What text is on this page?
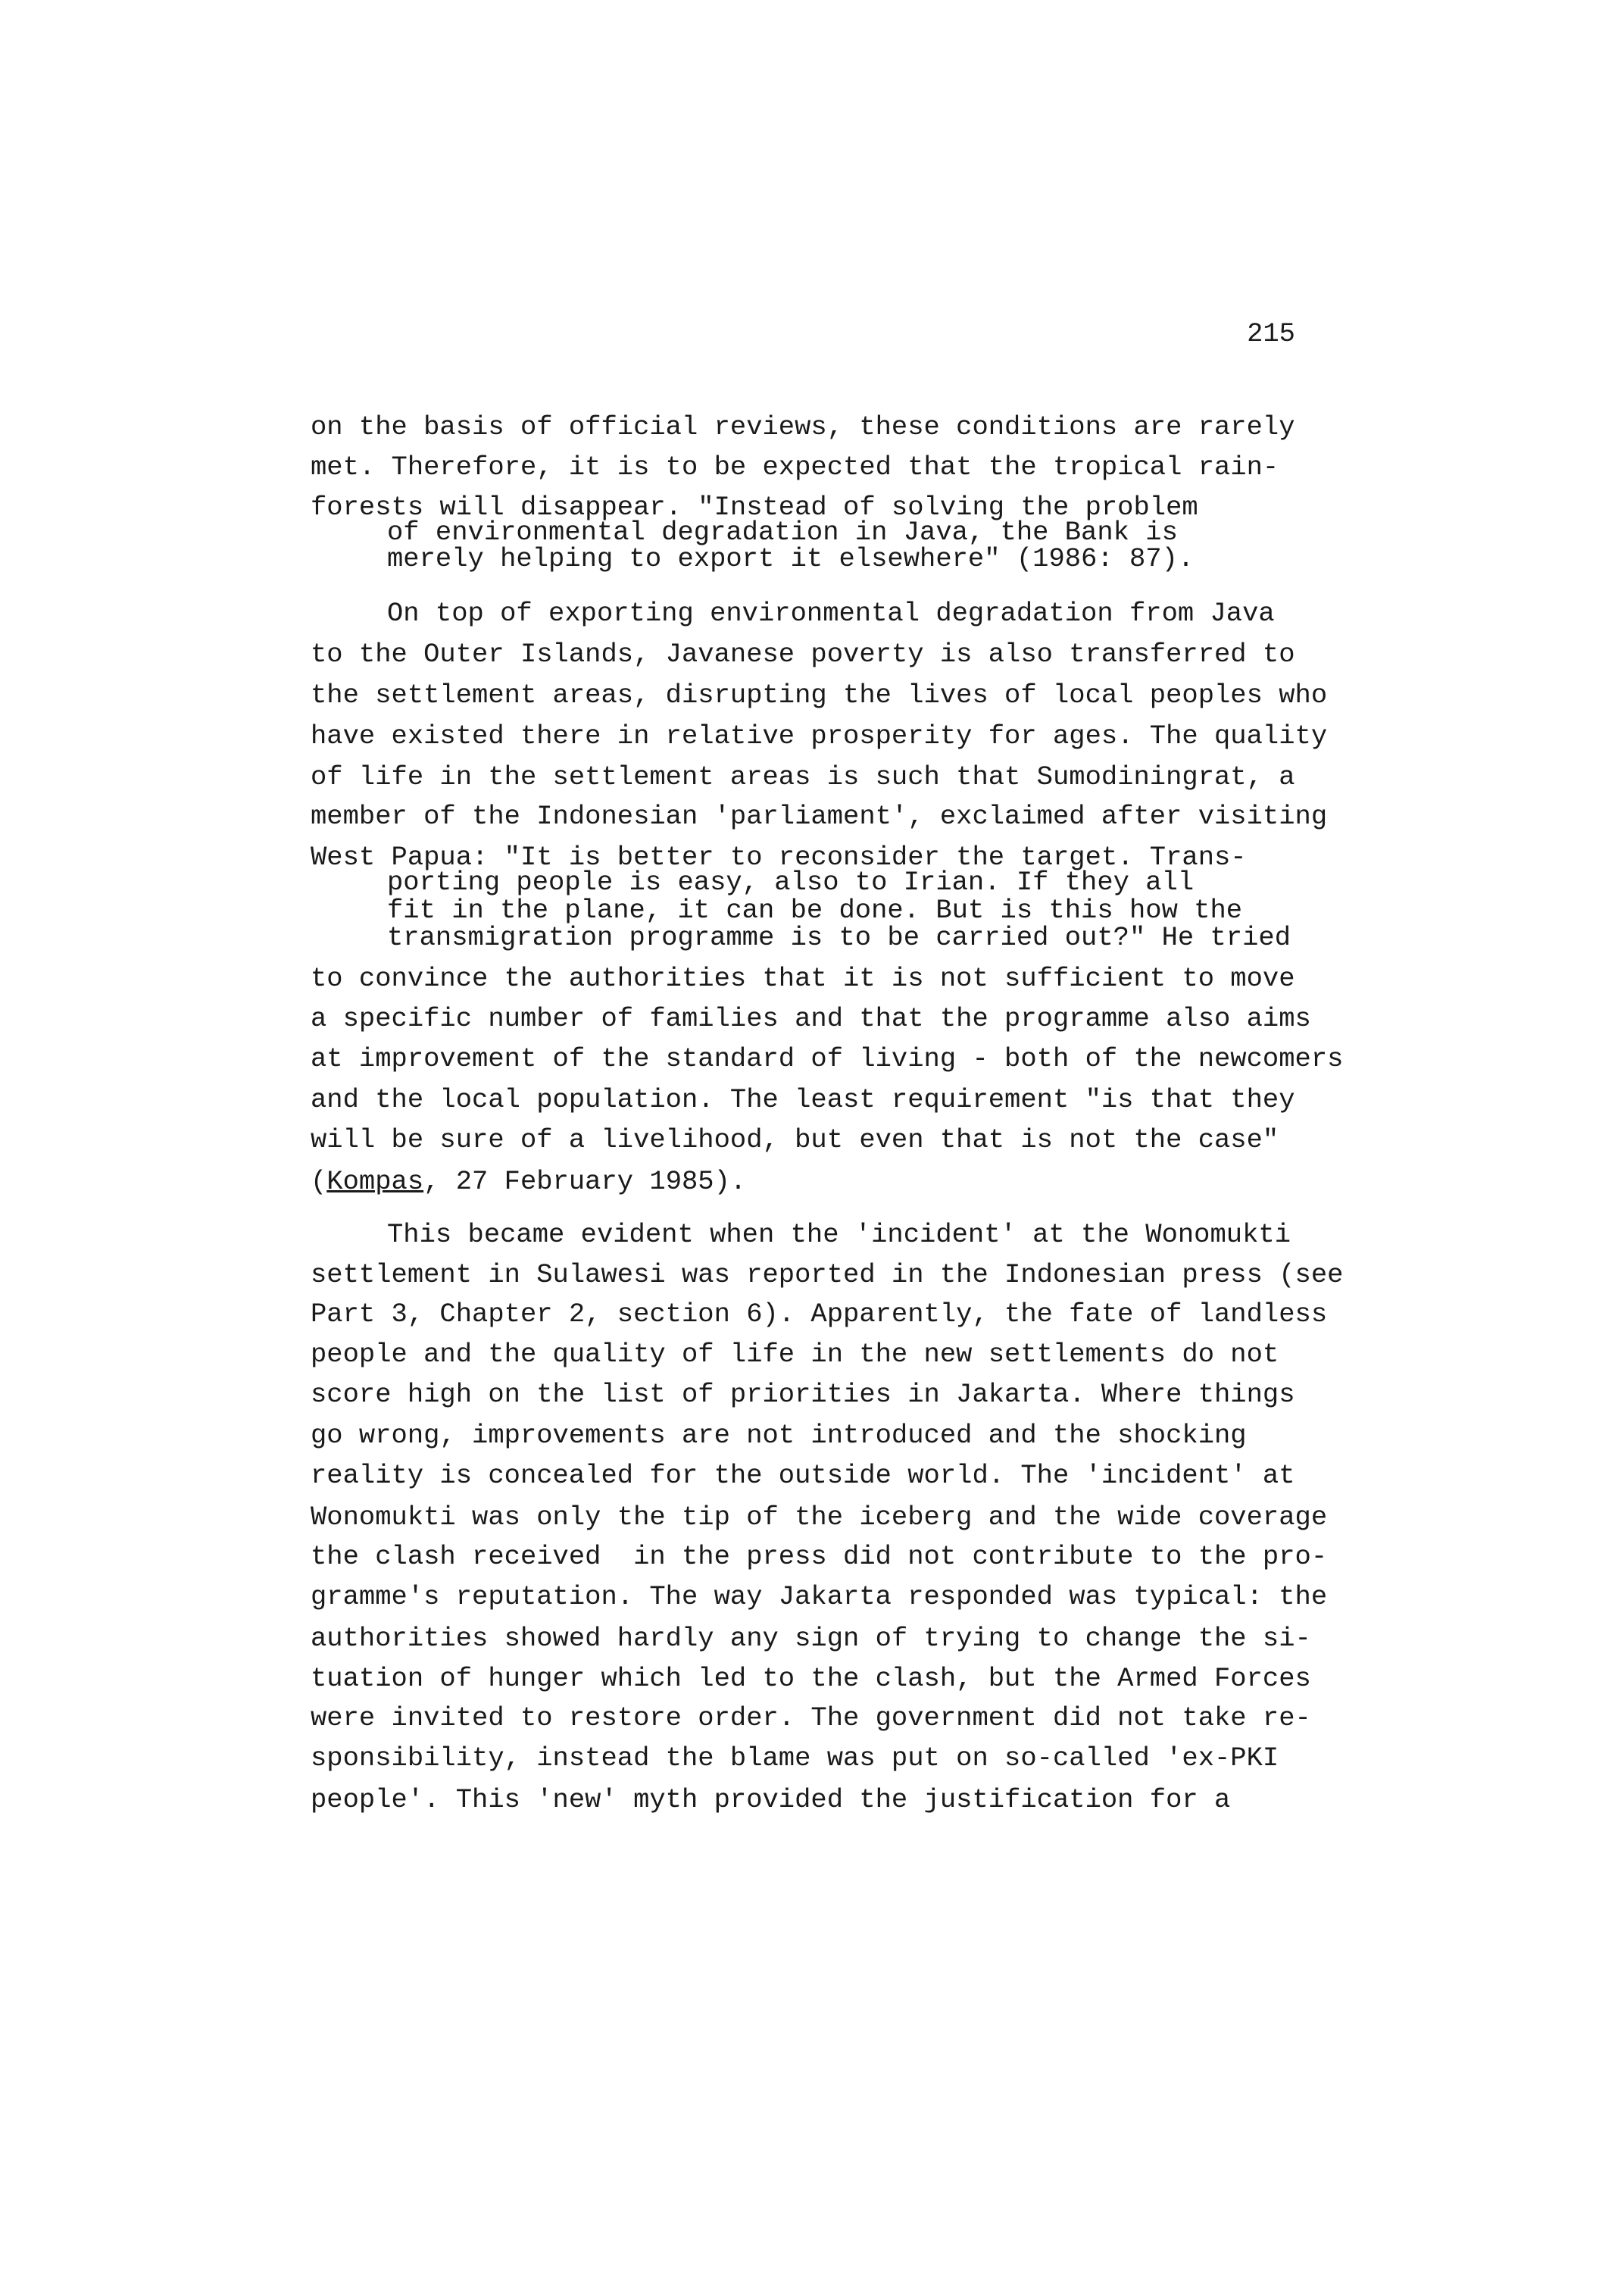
215
on the basis of official reviews, these conditions are rarely
met. Therefore, it is to be expected that the tropical rain-
forests will disappear. "Instead of solving the problem
of environmental degradation in Java, the Bank is
merely helping to export it elsewhere" (1986: 87).
On top of exporting environmental degradation from Java
to the Outer Islands, Javanese poverty is also transferred to
the settlement areas, disrupting the lives of local peoples who
have existed there in relative prosperity for ages. The quality
of life in the settlement areas is such that Sumodiningrat, a
member of the Indonesian 'parliament', exclaimed after visiting
West Papua: "It is better to reconsider the target. Trans-
porting people is easy, also to Irian. If they all
fit in the plane, it can be done. But is this how the
transmigration programme is to be carried out?" He tried
to convince the authorities that it is not sufficient to move
a specific number of families and that the programme also aims
at improvement of the standard of living - both of the newcomers
and the local population. The least requirement "is that they
will be sure of a livelihood, but even that is not the case"
(Kompas, 27 February 1985).
This became evident when the 'incident' at the Wonomukti
settlement in Sulawesi was reported in the Indonesian press (see
Part 3, Chapter 2, section 6). Apparently, the fate of landless
people and the quality of life in the new settlements do not
score high on the list of priorities in Jakarta. Where things
go wrong, improvements are not introduced and the shocking
reality is concealed for the outside world. The 'incident' at
Wonomukti was only the tip of the iceberg and the wide coverage
the clash received  in the press did not contribute to the pro-
gramme's reputation. The way Jakarta responded was typical: the
authorities showed hardly any sign of trying to change the si-
tuation of hunger which led to the clash, but the Armed Forces
were invited to restore order. The government did not take re-
sponsibility, instead the blame was put on so-called 'ex-PKI
people'. This 'new' myth provided the justification for a
